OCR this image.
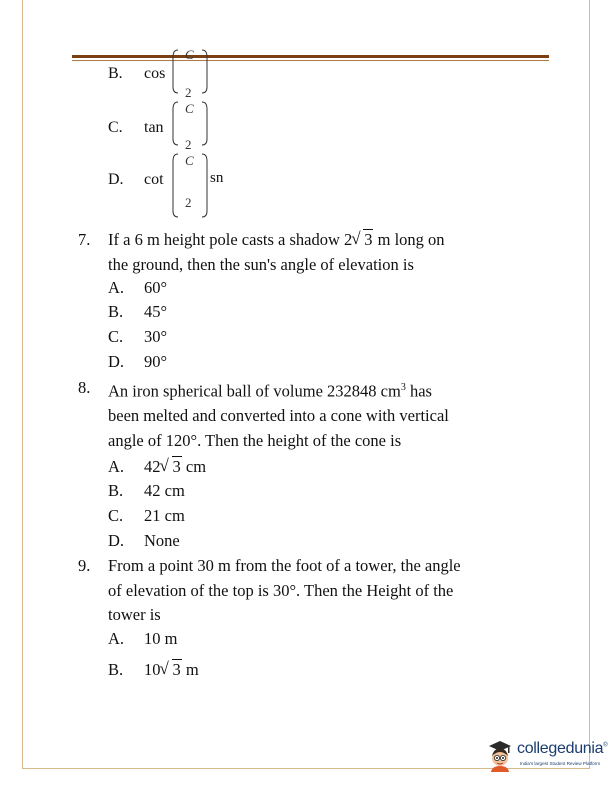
B. cos
C. tan
D. cot	sn
C
2
C
2
C
2
7. If a 6 m height pole casts a shadow 2 √ 3 m long on
the ground, then the sun's angle of elevation is
A. 60°
B. 45°
C. 30°
D. 90°
8. An iron spherical ball of volume 232848 $cm^3$ has
been melted and converted into a cone with vertical
angle of 120°. Then the height of the cone is
A. 42 √ 3 cm
B. 42 cm
C. 21 cm
D. None
9. From a point 30 m from the foot of a tower, the angle
of elevation of the top is 30°. Then the Height of the
tower is
A. 10 m
B. 10 √ 3 m
collegedunia®
India's largest Student Review Platform
